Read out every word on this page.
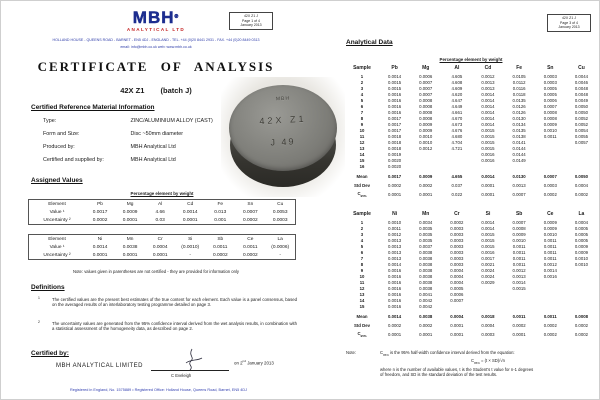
MBH®
ANALYTICAL LTD
42X Z1 J
Page 1 of 4
January 2013
HOLLAND HOUSE - QUEENS ROAD - BARNET - EN5 4DJ - ENGLAND - TEL. +44 (0)20 8441 2931 - FAX. +44 (0)20 8449 0313
email: info@mbh.co.uk web: www.mbh.co.uk
CERTIFICATE OF ANALYSIS
42X Z1 (batch J)
Certified Reference Material Information
Type:	ZINC/ALUMINIUM ALLOY (CAST)
Form and Size:	Disc ~50mm diameter
Produced by:	MBH Analytical Ltd
Certified and supplied by:	MBH Analytical Ltd
Assigned Values
Percentage element by weight
Element	Pb	Mg	Al	Cd	Fe	Sn	Cu
Value ¹	0.0017	0.0009	4.66	0.0014	0.013	0.0007	0.0053
Uncertainty ²	0.0002	0.0001	0.03	0.0001	0.001	0.0002	0.0003
Element	Ni	Mn	Cr	Si	Sb	Ce	La
Value ¹	0.0014	0.0038	0.0004	(0.0010)	0.0011	0.0011	(0.0006)
Uncertainty ²	0.0001	0.0001	0.0001	-	0.0002	0.0002	-
Note: values given in parentheses are not certified - they are provided for information only
Definitions
1	The certified values are the present best estimates of the true content for each element. Each value is a panel consensus, based on the averaged results of an interlaboratory testing programme detailed on page 3.
2	The uncertainty values are generated from the 95% confidence interval derived from the wet analysis results, in combination with a statistical assessment of the homogeneity data, as described on page 2.
Certified by:
MBH ANALYTICAL LIMITED
on 2nd January 2013
C Eveleigh
Registered in England, No. 1575889 • Registered Office: Holland House, Queens Road, Barnet, EN5 4DJ
MBH
42X Z1
J 49
42X Z1 J
Page 3 of 4
January 2013
Analytical Data
Percentage element by weight
Sample	Pb	Mg	Al	Cd	Fe	Sn	Cu
1	0.0014	0.0006	4.605	0.0012	0.0105	0.0003	0.0044
2	0.0015	0.0007	4.608	0.0013	0.0112	0.0003	0.0046
3	0.0015	0.0007	4.609	0.0013	0.0116	0.0005	0.0048
4	0.0016	0.0007	4.620	0.0014	0.0118	0.0005	0.0048
5	0.0016	0.0008	4.647	0.0014	0.0135	0.0006	0.0049
6	0.0016	0.0008	4.649	0.0014	0.0126	0.0007	0.0050
7	0.0016	0.0008	4.661	0.0014	0.0126	0.0008	0.0050
8	0.0017	0.0008	4.670	0.0014	0.0130	0.0008	0.0052
9	0.0017	0.0009	4.673	0.0014	0.0134	0.0009	0.0052
10	0.0017	0.0009	4.676	0.0015	0.0135	0.0010	0.0054
11	0.0018	0.0010	4.680	0.0015	0.0138	0.0011	0.0055
12	0.0018	0.0010	4.704	0.0015	0.0141		0.0057
13	0.0018	0.0012	4.721	0.0015	0.0144		
14	0.0019			0.0016	0.0144		
15	0.0020			0.0016	0.0149		
16	0.0020						
Mean	0.0017	0.0009	4.655	0.0014	0.0130	0.0007	0.0050
Std Dev	0.0002	0.0002	0.037	0.0001	0.0013	0.0003	0.0004
$C_{95\%}$	0.0001	0.0001	0.022	0.0001	0.0007	0.0002	0.0002
Sample	Ni	Mn	Cr	Si	Sb	Ce	La
1	0.0010	0.0034	0.0002	0.0014	0.0007	0.0009	0.0004
2	0.0011	0.0035	0.0003	0.0014	0.0008	0.0009	0.0005
3	0.0012	0.0035	0.0003	0.0015	0.0009	0.0010	0.0005
4	0.0013	0.0035	0.0003	0.0015	0.0010	0.0011	0.0005
5	0.0013	0.0037	0.0003	0.0015	0.0011	0.0011	0.0009
6	0.0013	0.0038	0.0003	0.0016	0.0011	0.0011	0.0009
7	0.0013	0.0038	0.0003	0.0017	0.0011	0.0011	0.0010
8	0.0014	0.0038	0.0003	0.0021	0.0011	0.0012	0.0010
9	0.0016	0.0038	0.0004	0.0024	0.0012	0.0014	
10	0.0016	0.0038	0.0004	0.0024	0.0013	0.0016	
11	0.0016	0.0038	0.0004	0.0029	0.0014		
12	0.0016	0.0038	0.0005		0.0015		
13	0.0016	0.0041	0.0006				
14	0.0016	0.0042	0.0007				
15	0.0016	0.0042					
Mean	0.0014	0.0038	0.0004	0.0018	0.0011	0.0011	0.0008
Std Dev	0.0002	0.0002	0.0001	0.0004	0.0002	0.0002	0.0002
$C_{95\%}$	0.0001	0.0001	0.0001	0.0003	0.0001	0.0002	0.0002
Note:	$C_{95\%}$ is the 95% half-width confidence interval derived from the equation:
$C_{95\%} = (t \times SD)/√n$
where n is the number of available values, t is the Student's t value for n-1 degrees
of freedom, and SD is the standard deviation of the test results.
